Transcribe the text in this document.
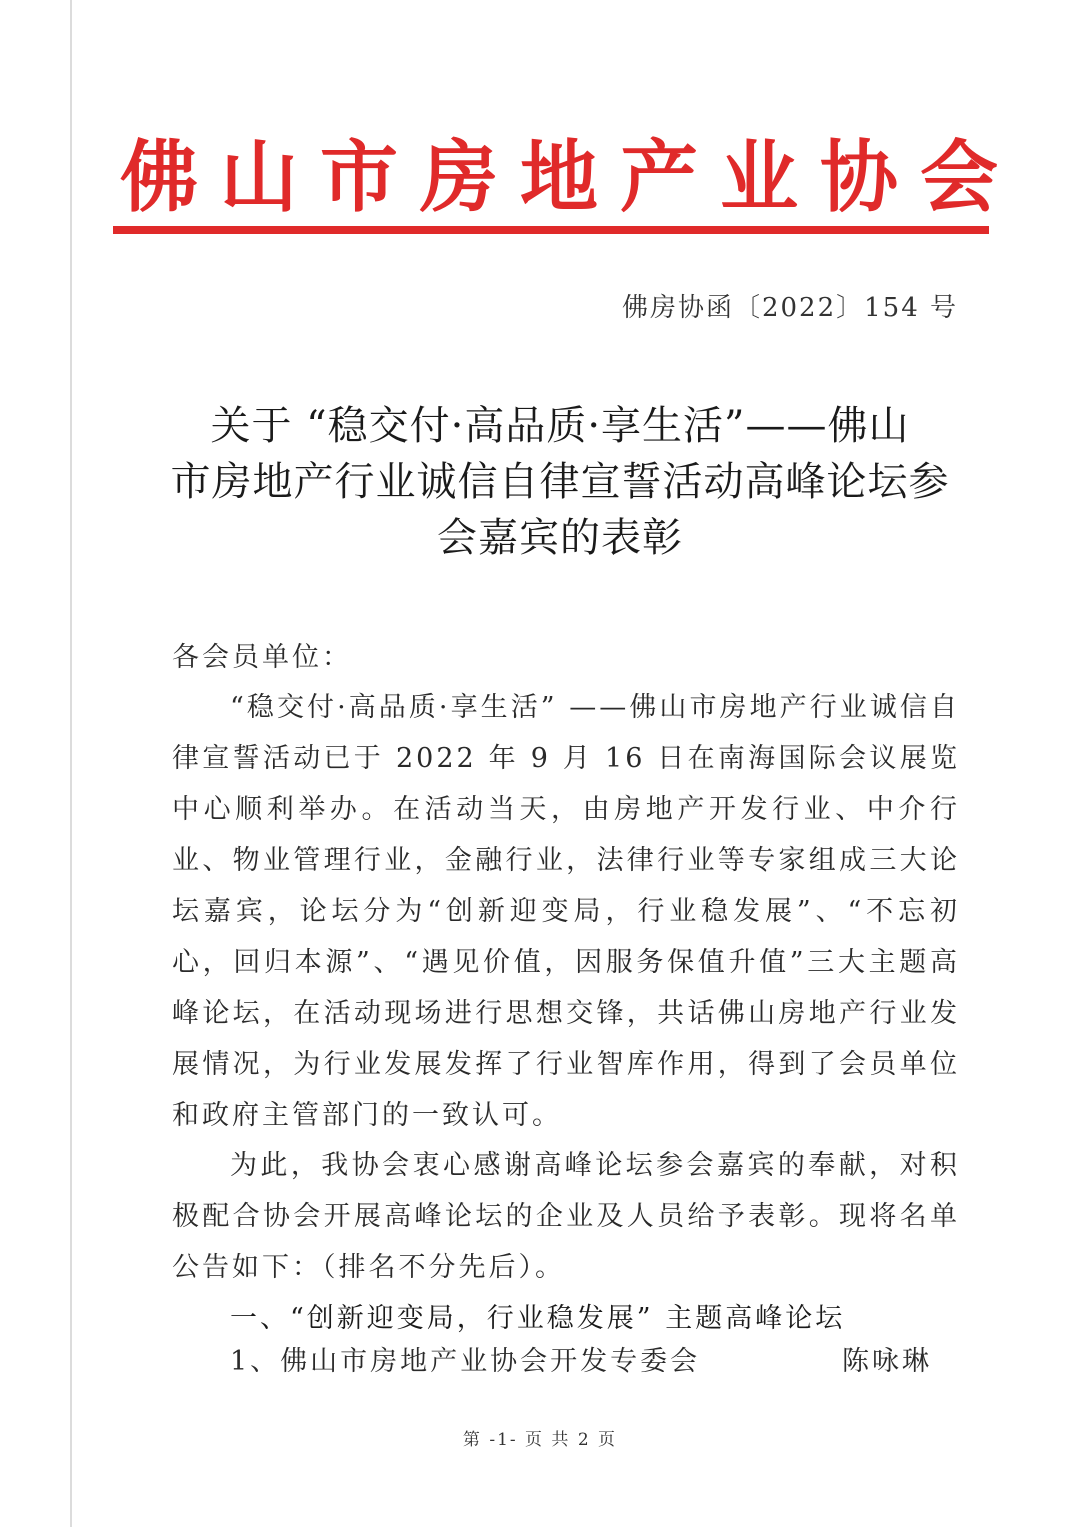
佛山市房地产业协会
佛房协函〔2022〕154 号
关于 “稳交付·高品质·享生活”——佛山
市房地产行业诚信自律宣誓活动高峰论坛参
会嘉宾的表彰
各会员单位：
“稳交付·高品质·享生活” ——佛山市房地产行业诚信自律宣誓活动已于 2022 年 9 月 16 日在南海国际会议展览中心顺利举办。在活动当天，由房地产开发行业、中介行业、物业管理行业，金融行业，法律行业等专家组成三大论坛嘉宾，论坛分为“创新迎变局，行业稳发展”、“不忘初心，回归本源”、“遇见价值，因服务保值升值”三大主题高峰论坛，在活动现场进行思想交锋，共话佛山房地产行业发展情况，为行业发展发挥了行业智库作用，得到了会员单位和政府主管部门的一致认可。
为此，我协会衷心感谢高峰论坛参会嘉宾的奉献，对积极配合协会开展高峰论坛的企业及人员给予表彰。现将名单公告如下：（排名不分先后）。
一、“创新迎变局，行业稳发展” 主题高峰论坛
1、佛山市房地产业协会开发专委会	陈咏琳
第 -1- 页 共 2 页
